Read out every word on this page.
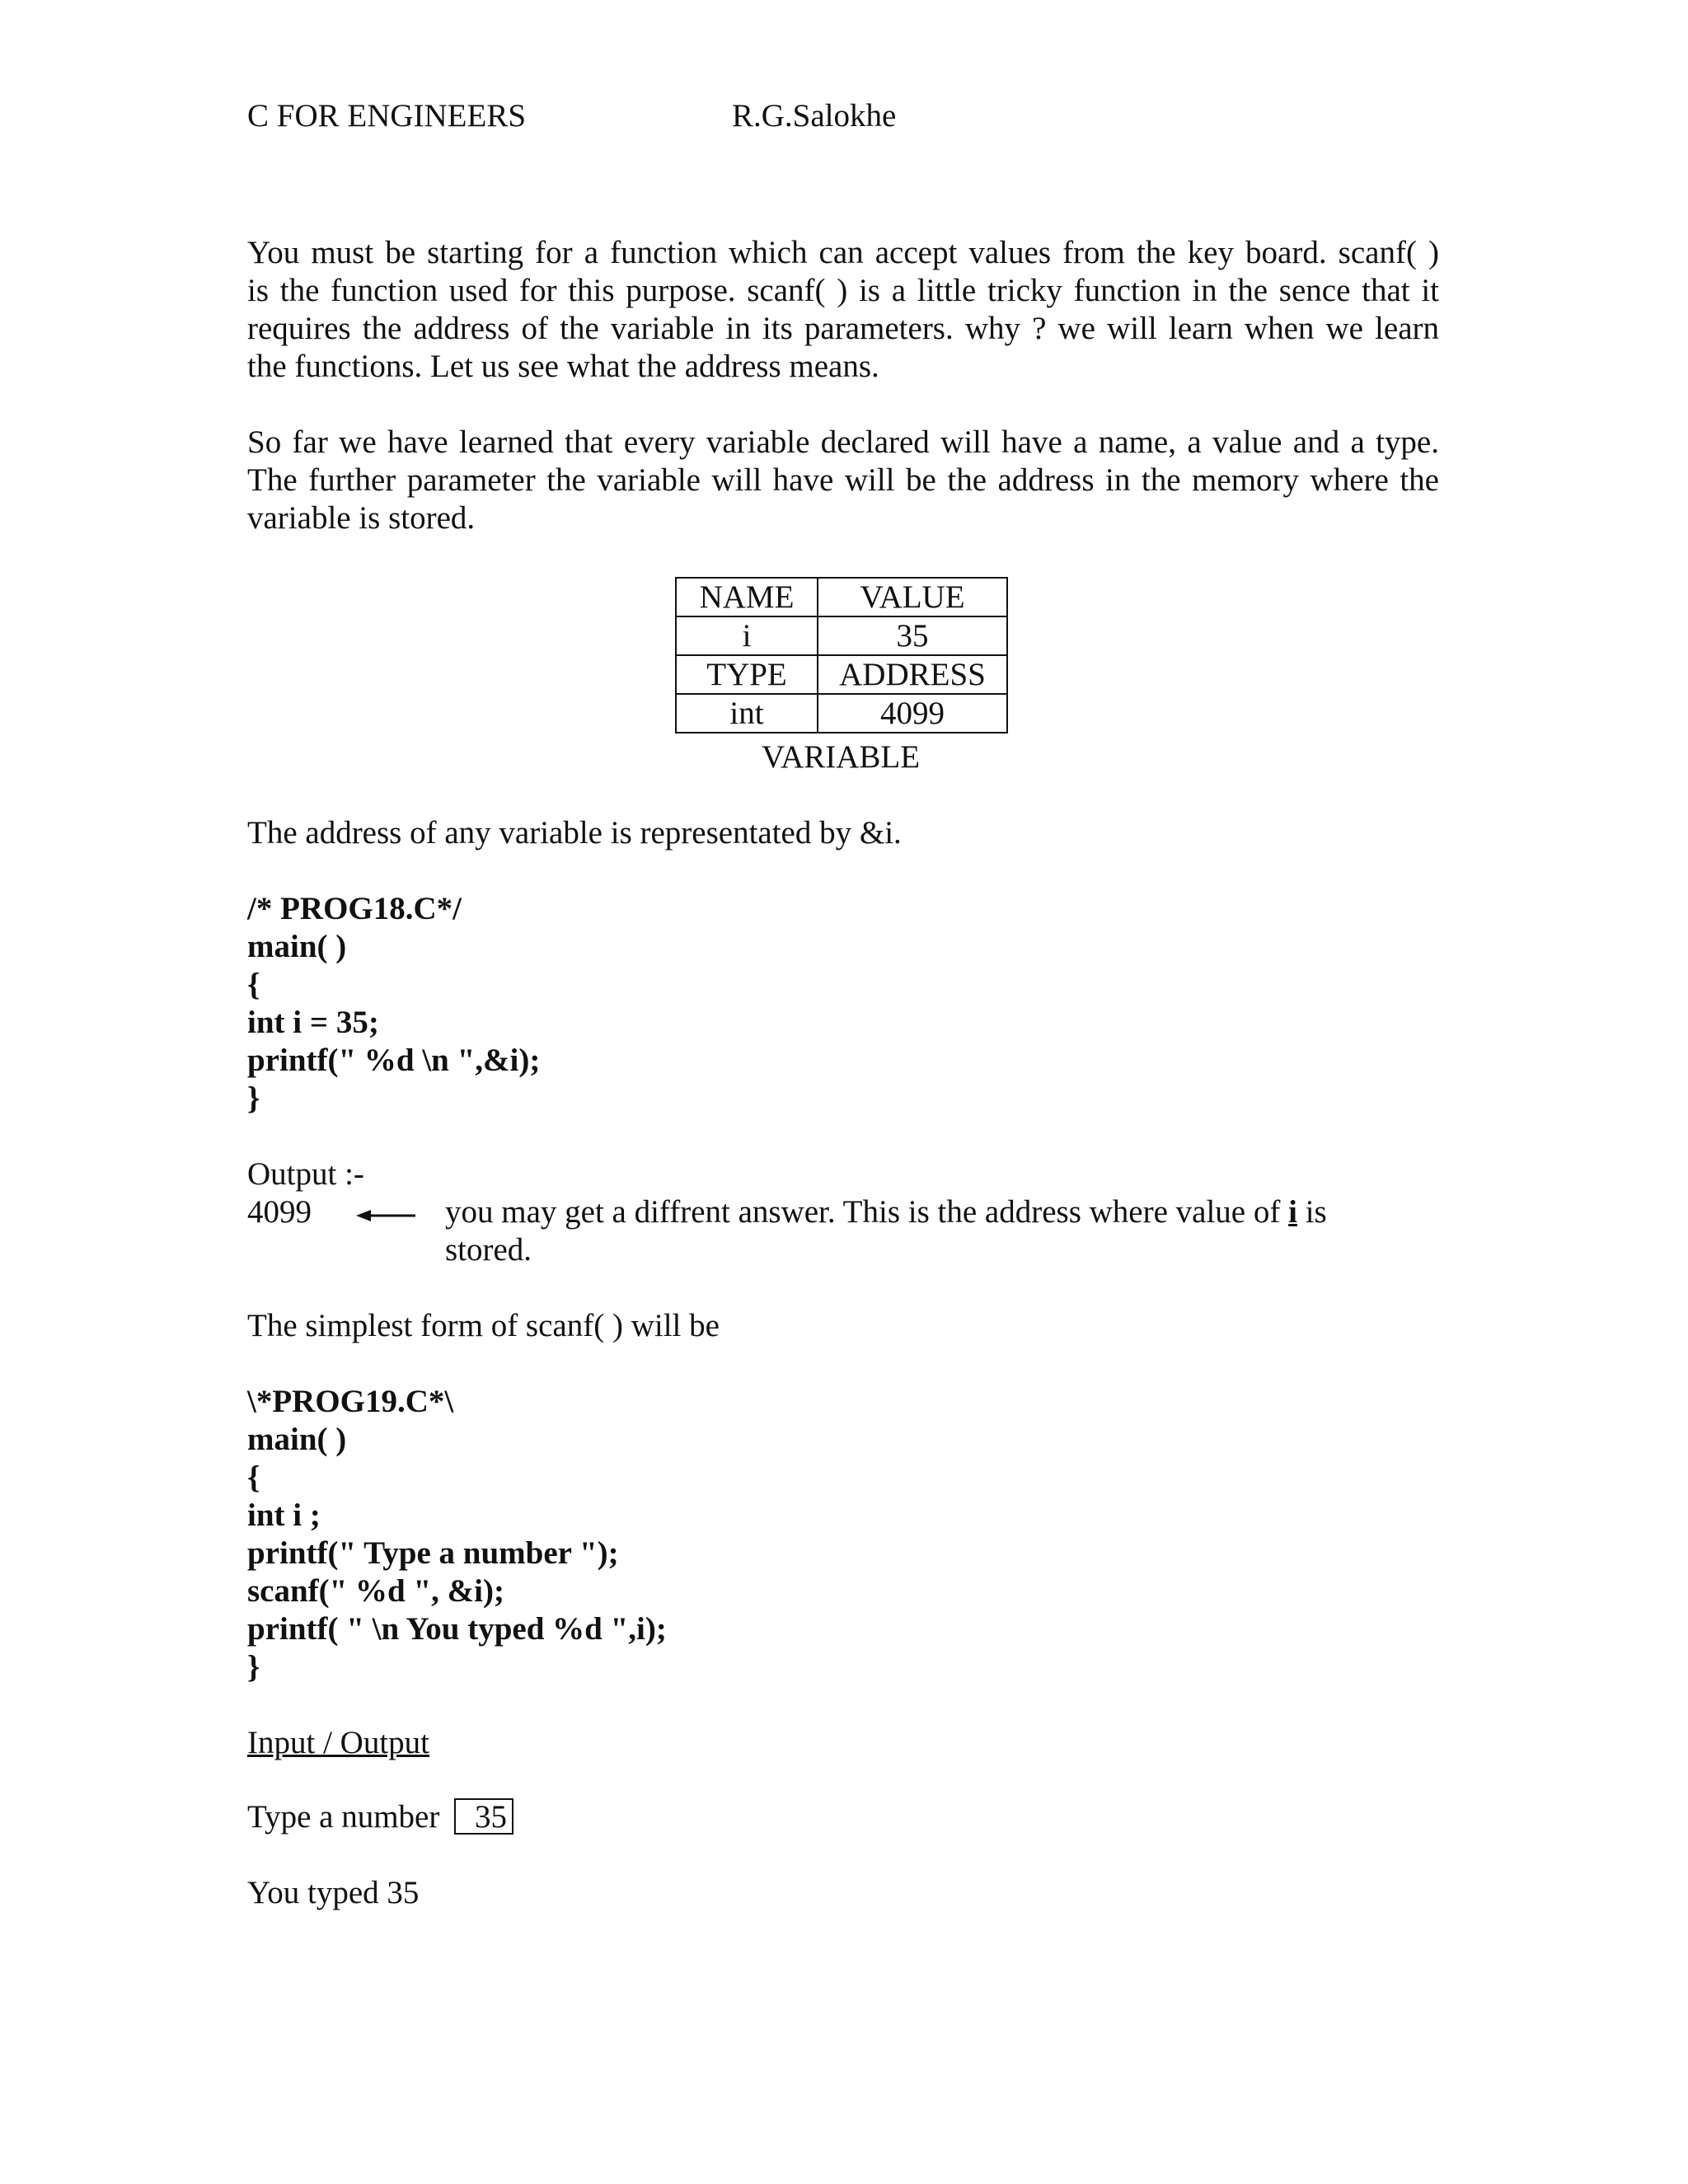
C FOR ENGINEERS	R.G.Salokhe
You must be starting for a function which can accept values from the key board. scanf( )
is the function used for this purpose. scanf( ) is a little tricky function in the sence that it
requires the address of the variable in its parameters. why ? we will learn when we learn
the functions. Let us see what the address means.
So far we have learned that every variable declared will have a name, a value and a type.
The further parameter the variable will have will be the address in the memory where the
variable is stored.
NAME	VALUE
i	35
TYPE	ADDRESS
int	4099
VARIABLE
The address of any variable is representated by &i.
/* PROG18.C*/
main( )
{
int i = 35;
printf(" %d \n ",&i);
}
Output :-
4099	you may get a diffrent answer. This is the address where value of i is
stored.
The simplest form of scanf( ) will be
\*PROG19.C*\
main( )
{
int i ;
printf(" Type a number ");
scanf(" %d ", &i);
printf( " \n You typed %d ",i);
}
Input / Output
Type a number	35
You typed 35
